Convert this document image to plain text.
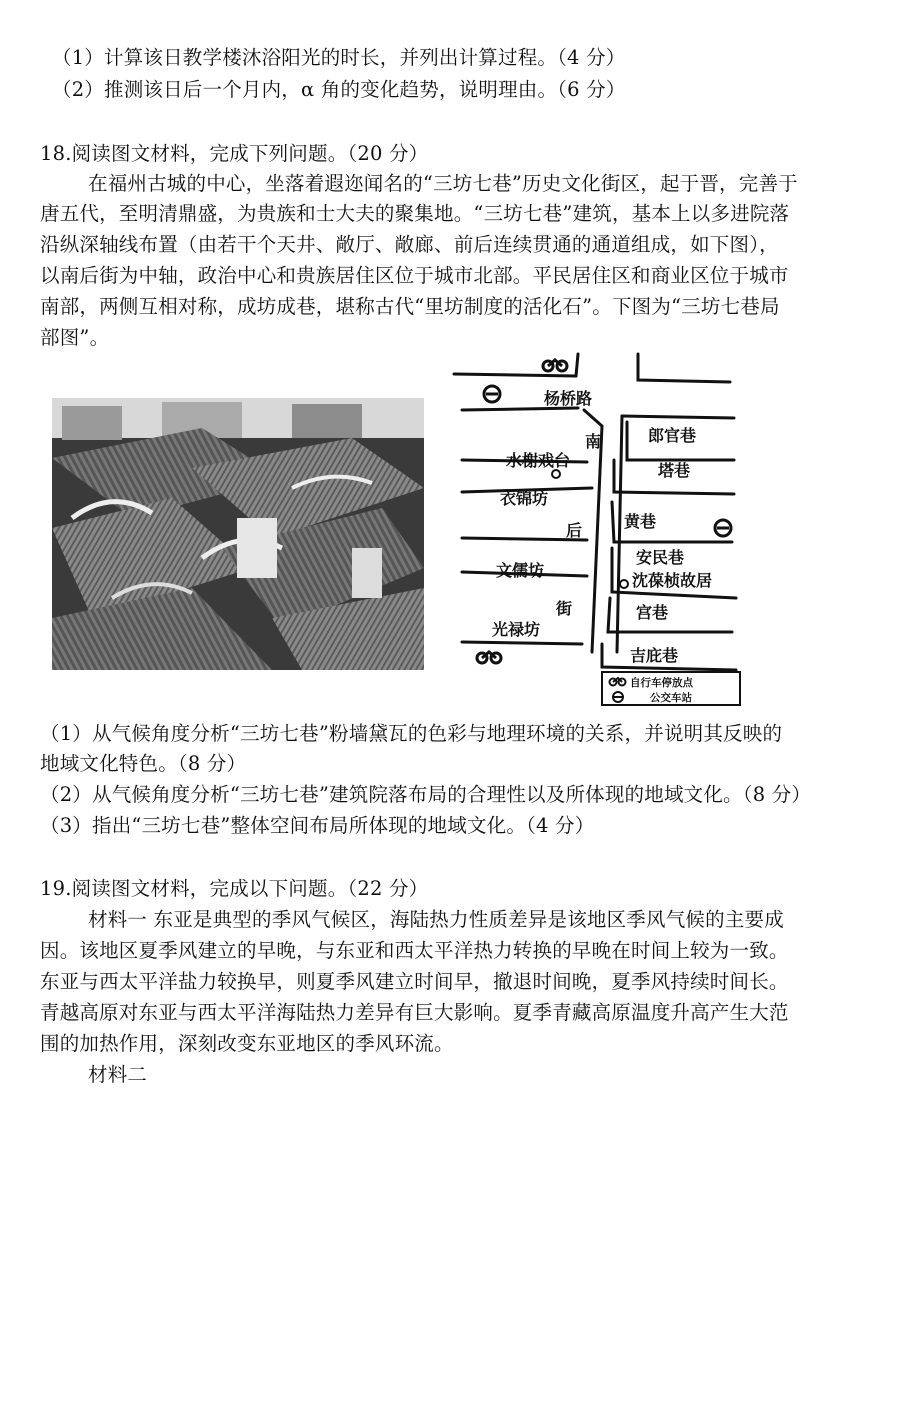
（1）计算该日教学楼沐浴阳光的时长，并列出计算过程。（4 分）
（2）推测该日后一个月内，α 角的变化趋势，说明理由。（6 分）
18.阅读图文材料，完成下列问题。（20 分）
在福州古城的中心，坐落着遐迩闻名的“三坊七巷”历史文化街区，起于晋，完善于
唐五代，至明清鼎盛，为贵族和士大夫的聚集地。“三坊七巷”建筑，基本上以多进院落
沿纵深轴线布置（由若干个天井、敞厅、敞廊、前后连续贯通的通道组成，如下图），
以南后街为中轴，政治中心和贵族居住区位于城市北部。平民居住区和商业区位于城市
南部，两侧互相对称，成坊成巷，堪称古代“里坊制度的活化石”。下图为“三坊七巷局
部图”。
杨桥路
南
后
街
水榭戏台
衣锦坊
文儒坊
光禄坊
郎官巷
塔巷
黄巷
安民巷
沈葆桢故居
宫巷
吉庇巷
自行车停放点
公交车站
（1）从气候角度分析“三坊七巷”粉墙黛瓦的色彩与地理环境的关系，并说明其反映的
地域文化特色。（8 分）
（2）从气候角度分析“三坊七巷”建筑院落布局的合理性以及所体现的地域文化。（8 分）
（3）指出“三坊七巷”整体空间布局所体现的地域文化。（4 分）
19.阅读图文材料，完成以下问题。（22 分）
材料一 东亚是典型的季风气候区，海陆热力性质差异是该地区季风气候的主要成
因。该地区夏季风建立的早晚，与东亚和西太平洋热力转换的早晚在时间上较为一致。
东亚与西太平洋盐力较换早，则夏季风建立时间早，撤退时间晚，夏季风持续时间长。
青越高原对东亚与西太平洋海陆热力差异有巨大影响。夏季青藏高原温度升高产生大范
围的加热作用，深刻改变东亚地区的季风环流。
材料二
